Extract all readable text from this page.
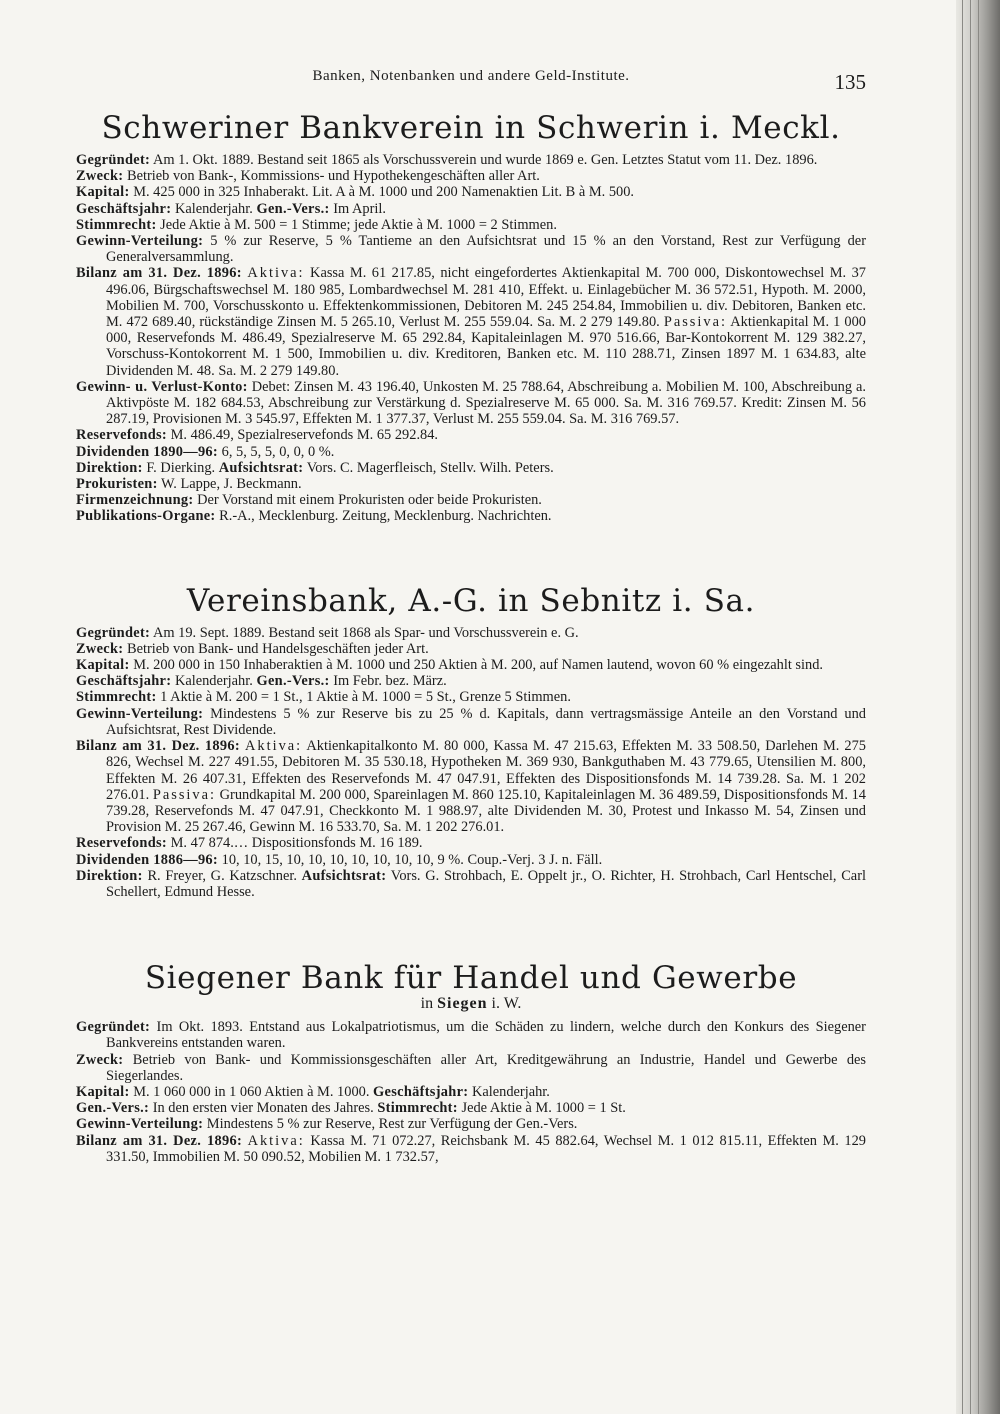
Banken, Notenbanken und andere Geld-Institute.	135
Schweriner Bankverein in Schwerin i. Meckl.

Gegründet: Am 1. Okt. 1889. Bestand seit 1865 als Vorschussverein und wurde 1869 e. Gen. Letztes Statut vom 11. Dez. 1896.

Zweck: Betrieb von Bank-, Kommissions- und Hypothekengeschäften aller Art.

Kapital: M. 425 000 in 325 Inhaberakt. Lit. A à M. 1000 und 200 Namenaktien Lit. B à M. 500.

Geschäftsjahr: Kalenderjahr. Gen.-Vers.: Im April.

Stimmrecht: Jede Aktie à M. 500 = 1 Stimme; jede Aktie à M. 1000 = 2 Stimmen.

Gewinn-Verteilung: 5 % zur Reserve, 5 % Tantieme an den Aufsichtsrat und 15 % an den Vorstand, Rest zur Verfügung der Generalversammlung.

Bilanz am 31. Dez. 1896: Aktiva: Kassa M. 61 217.85, nicht eingefordertes Aktienkapital M. 700 000, Diskontowechsel M. 37 496.06, Bürgschaftswechsel M. 180 985, Lombardwechsel M. 281 410, Effekt. u. Einlagebücher M. 36 572.51, Hypoth. M. 2000, Mobilien M. 700, Vorschusskonto u. Effektenkommissionen, Debitoren M. 245 254.84, Immobilien u. div. Debitoren, Banken etc. M. 472 689.40, rückständige Zinsen M. 5 265.10, Verlust M. 255 559.04. Sa. M. 2 279 149.80. Passiva: Aktienkapital M. 1 000 000, Reservefonds M. 486.49, Spezialreserve M. 65 292.84, Kapitaleinlagen M. 970 516.66, Bar-Kontokorrent M. 129 382.27, Vorschuss-Kontokorrent M. 1 500, Immobilien u. div. Kreditoren, Banken etc. M. 110 288.71, Zinsen 1897 M. 1 634.83, alte Dividenden M. 48. Sa. M. 2 279 149.80.

Gewinn- u. Verlust-Konto: Debet: Zinsen M. 43 196.40, Unkosten M. 25 788.64, Abschreibung a. Mobilien M. 100, Abschreibung a. Aktivpöste M. 182 684.53, Abschreibung zur Verstärkung d. Spezialreserve M. 65 000. Sa. M. 316 769.57. Kredit: Zinsen M. 56 287.19, Provisionen M. 3 545.97, Effekten M. 1 377.37, Verlust M. 255 559.04. Sa. M. 316 769.57.

Reservefonds: M. 486.49, Spezialreservefonds M. 65 292.84.

Dividenden 1890—96: 6, 5, 5, 5, 0, 0, 0 %.

Direktion: F. Dierking. Aufsichtsrat: Vors. C. Magerfleisch, Stellv. Wilh. Peters.

Prokuristen: W. Lappe, J. Beckmann.

Firmenzeichnung: Der Vorstand mit einem Prokuristen oder beide Prokuristen.

Publikations-Organe: R.-A., Mecklenburg. Zeitung, Mecklenburg. Nachrichten.

Vereinsbank, A.-G. in Sebnitz i. Sa.

Gegründet: Am 19. Sept. 1889. Bestand seit 1868 als Spar- und Vorschussverein e. G.

Zweck: Betrieb von Bank- und Handelsgeschäften jeder Art.

Kapital: M. 200 000 in 150 Inhaberaktien à M. 1000 und 250 Aktien à M. 200, auf Namen lautend, wovon 60 % eingezahlt sind.

Geschäftsjahr: Kalenderjahr. Gen.-Vers.: Im Febr. bez. März.

Stimmrecht: 1 Aktie à M. 200 = 1 St., 1 Aktie à M. 1000 = 5 St., Grenze 5 Stimmen.

Gewinn-Verteilung: Mindestens 5 % zur Reserve bis zu 25 % d. Kapitals, dann vertragsmässige Anteile an den Vorstand und Aufsichtsrat, Rest Dividende.

Bilanz am 31. Dez. 1896: Aktiva: Aktienkapitalkonto M. 80 000, Kassa M. 47 215.63, Effekten M. 33 508.50, Darlehen M. 275 826, Wechsel M. 227 491.55, Debitoren M. 35 530.18, Hypotheken M. 369 930, Bankguthaben M. 43 779.65, Utensilien M. 800, Effekten M. 26 407.31, Effekten des Reservefonds M. 47 047.91, Effekten des Dispositionsfonds M. 14 739.28. Sa. M. 1 202 276.01. Passiva: Grundkapital M. 200 000, Spareinlagen M. 860 125.10, Kapitaleinlagen M. 36 489.59, Dispositionsfonds M. 14 739.28, Reservefonds M. 47 047.91, Checkkonto M. 1 988.97, alte Dividenden M. 30, Protest und Inkasso M. 54, Zinsen und Provision M. 25 267.46, Gewinn M. 16 533.70, Sa. M. 1 202 276.01.

Reservefonds: M. 47 874.… Dispositionsfonds M. 16 189.

Dividenden 1886—96: 10, 10, 15, 10, 10, 10, 10, 10, 10, 10, 9 %. Coup.-Verj. 3 J. n. Fäll.

Direktion: R. Freyer, G. Katzschner. Aufsichtsrat: Vors. G. Strohbach, E. Oppelt jr., O. Richter, H. Strohbach, Carl Hentschel, Carl Schellert, Edmund Hesse.

Siegener Bank für Handel und Gewerbe
in Siegen i. W.

Gegründet: Im Okt. 1893. Entstand aus Lokalpatriotismus, um die Schäden zu lindern, welche durch den Konkurs des Siegener Bankvereins entstanden waren.

Zweck: Betrieb von Bank- und Kommissionsgeschäften aller Art, Kreditgewährung an Industrie, Handel und Gewerbe des Siegerlandes.

Kapital: M. 1 060 000 in 1 060 Aktien à M. 1000. Geschäftsjahr: Kalenderjahr.

Gen.-Vers.: In den ersten vier Monaten des Jahres. Stimmrecht: Jede Aktie à M. 1000 = 1 St.

Gewinn-Verteilung: Mindestens 5 % zur Reserve, Rest zur Verfügung der Gen.-Vers.

Bilanz am 31. Dez. 1896: Aktiva: Kassa M. 71 072.27, Reichsbank M. 45 882.64, Wechsel M. 1 012 815.11, Effekten M. 129 331.50, Immobilien M. 50 090.52, Mobilien M. 1 732.57,
